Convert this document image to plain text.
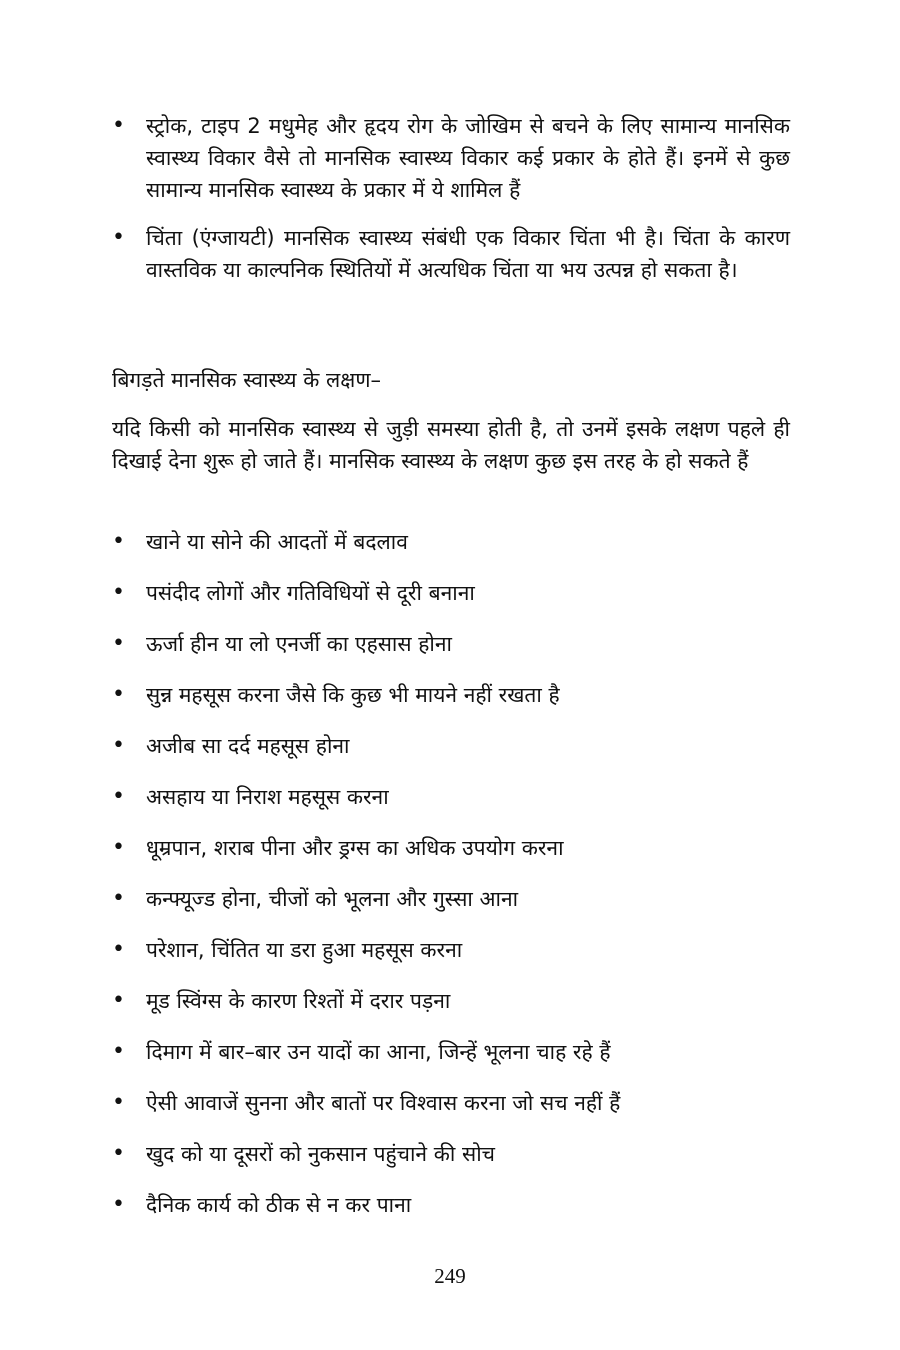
• स्ट्रोक, टाइप 2 मधुमेह और हृदय रोग के जोखिम से बचने के लिए सामान्य मानसिक स्वास्थ्य विकार वैसे तो मानसिक स्वास्थ्य विकार कई प्रकार के होते हैं। इनमें से कुछ सामान्य मानसिक स्वास्थ्य के प्रकार में ये शामिल हैं
• चिंता (एंग्जायटी) मानसिक स्वास्थ्य संबंधी एक विकार चिंता भी है। चिंता के कारण वास्तविक या काल्पनिक स्थितियों में अत्यधिक चिंता या भय उत्पन्न हो सकता है।

बिगड़ते मानसिक स्वास्थ्य के लक्षण–

यदि किसी को मानसिक स्वास्थ्य से जुड़ी समस्या होती है, तो उनमें इसके लक्षण पहले ही दिखाई देना शुरू हो जाते हैं। मानसिक स्वास्थ्य के लक्षण कुछ इस तरह के हो सकते हैं

• खाने या सोने की आदतों में बदलाव
• पसंदीद लोगों और गतिविधियों से दूरी बनाना
• ऊर्जा हीन या लो एनर्जी का एहसास होना
• सुन्न महसूस करना जैसे कि कुछ भी मायने नहीं रखता है
• अजीब सा दर्द महसूस होना
• असहाय या निराश महसूस करना
• धूम्रपान, शराब पीना और ड्रग्स का अधिक उपयोग करना
• कन्फ्यूज्ड होना, चीजों को भूलना और गुस्सा आना
• परेशान, चिंतित या डरा हुआ महसूस करना
• मूड स्विंग्स के कारण रिश्तों में दरार पड़ना
• दिमाग में बार–बार उन यादों का आना, जिन्हें भूलना चाह रहे हैं
• ऐसी आवाजें सुनना और बातों पर विश्वास करना जो सच नहीं हैं
• खुद को या दूसरों को नुकसान पहुंचाने की सोच
• दैनिक कार्य को ठीक से न कर पाना
249
